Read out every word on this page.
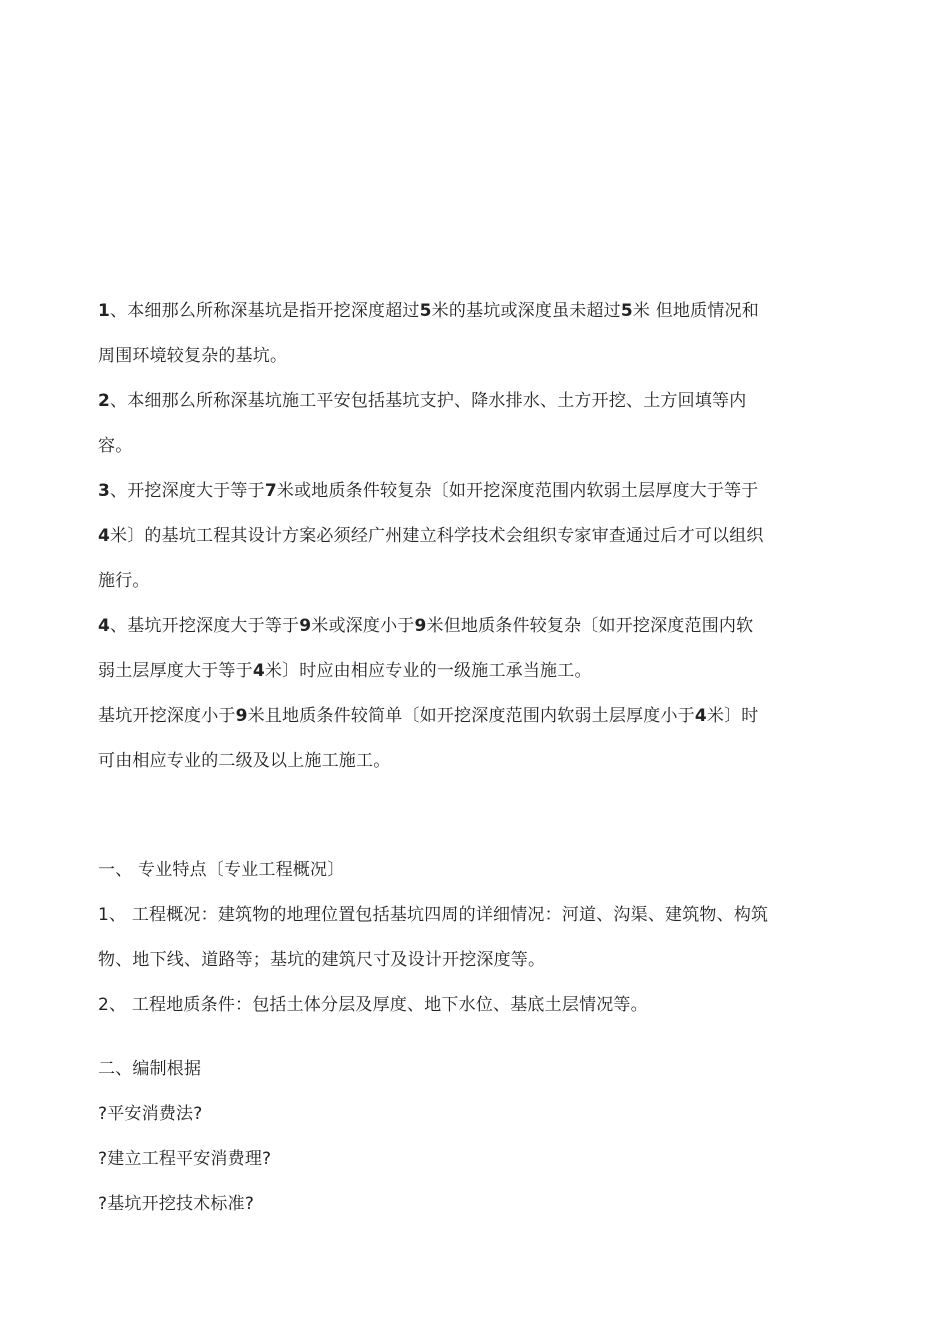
1、本细那么所称深基坑是指开挖深度超过5米的基坑或深度虽未超过5米 但地质情况和
周围环境较复杂的基坑。
2、本细那么所称深基坑施工平安包括基坑支护、降水排水、土方开挖、土方回填等内
容。
3、开挖深度大于等于7米或地质条件较复杂〔如开挖深度范围内软弱土层厚度大于等于
4米〕的基坑工程其设计方案必须经广州建立科学技术会组织专家审查通过后才可以组织
施行。
4、基坑开挖深度大于等于9米或深度小于9米但地质条件较复杂〔如开挖深度范围内软
弱土层厚度大于等于4米〕时应由相应专业的一级施工承当施工。
基坑开挖深度小于9米且地质条件较简单〔如开挖深度范围内软弱土层厚度小于4米〕时
可由相应专业的二级及以上施工施工。
一、 专业特点〔专业工程概况〕
1、 工程概况：建筑物的地理位置包括基坑四周的详细情况：河道、沟渠、建筑物、构筑
物、地下线、道路等；基坑的建筑尺寸及设计开挖深度等。
2、 工程地质条件：包括土体分层及厚度、地下水位、基底土层情况等。
二、编制根据
?平安消费法?
?建立工程平安消费理?
?基坑开挖技术标准?
